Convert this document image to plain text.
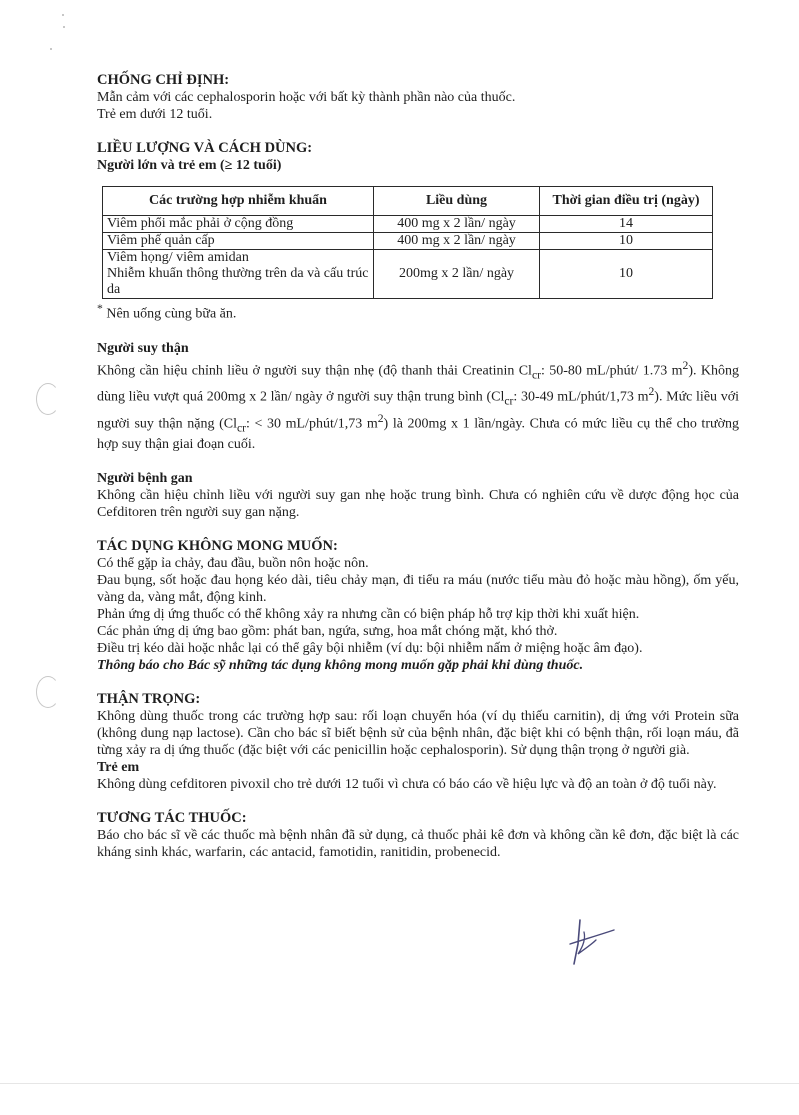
CHỐNG CHỈ ĐỊNH:

Mẫn cảm với các cephalosporin hoặc với bất kỳ thành phần nào của thuốc.

Trẻ em dưới 12 tuổi.

LIỀU LƯỢNG VÀ CÁCH DÙNG:

Người lớn và trẻ em (≥ 12 tuổi)

Các trường hợp nhiễm khuẩn	Liều dùng	Thời gian điều trị (ngày)
Viêm phổi mắc phải ở cộng đồng	400 mg x 2 lần/ ngày	14
Viêm phế quản cấp	400 mg x 2 lần/ ngày	10

Viêm họng/ viêm amidan
Nhiễm khuẩn thông thường trên da và cấu trúc da	200mg x 2 lần/ ngày	10

* Nên uống cùng bữa ăn.

Người suy thận

Không cần hiệu chỉnh liều ở người suy thận nhẹ (độ thanh thải Creatinin $Cl_{cr}$: 50-80 mL/phút/ 1.73 $m^2$). Không dùng liều vượt quá 200mg x 2 lần/ ngày ở người suy thận trung bình ($Cl_{cr}$: 30-49 mL/phút/1,73 $m^2$). Mức liều với người suy thận nặng ($Cl_{cr}$: < 30 mL/phút/1,73 $m^2$) là 200mg x 1 lần/ngày. Chưa có mức liều cụ thể cho trường hợp suy thận giai đoạn cuối.

Người bệnh gan

Không cần hiệu chỉnh liều với người suy gan nhẹ hoặc trung bình. Chưa có nghiên cứu về dược động học của Cefditoren trên người suy gan nặng.

TÁC DỤNG KHÔNG MONG MUỐN:

Có thể gặp ỉa chảy, đau đầu, buồn nôn hoặc nôn.

Đau bụng, sốt hoặc đau họng kéo dài, tiêu chảy mạn, đi tiểu ra máu (nước tiểu màu đỏ hoặc màu hồng), ốm yếu, vàng da, vàng mắt, động kinh.

Phản ứng dị ứng thuốc có thể không xảy ra nhưng cần có biện pháp hỗ trợ kịp thời khi xuất hiện.

Các phản ứng dị ứng bao gồm: phát ban, ngứa, sưng, hoa mắt chóng mặt, khó thở.

Điều trị kéo dài hoặc nhắc lại có thể gây bội nhiễm (ví dụ: bội nhiễm nấm ở miệng hoặc âm đạo).

Thông báo cho Bác sỹ những tác dụng không mong muốn gặp phải khi dùng thuốc.

THẬN TRỌNG:

Không dùng thuốc trong các trường hợp sau: rối loạn chuyển hóa (ví dụ thiếu carnitin), dị ứng với Protein sữa (không dung nạp lactose). Cần cho bác sĩ biết bệnh sử của bệnh nhân, đặc biệt khi có bệnh thận, rối loạn máu, đã từng xảy ra dị ứng thuốc (đặc biệt với các penicillin hoặc cephalosporin). Sử dụng thận trọng ở người già.

Trẻ em

Không dùng cefditoren pivoxil cho trẻ dưới 12 tuổi vì chưa có báo cáo về hiệu lực và độ an toàn ở độ tuổi này.

TƯƠNG TÁC THUỐC:

Báo cho bác sĩ về các thuốc mà bệnh nhân đã sử dụng, cả thuốc phải kê đơn và không cần kê đơn, đặc biệt là các kháng sinh khác, warfarin, các antacid, famotidin, ranitidin, probenecid.
